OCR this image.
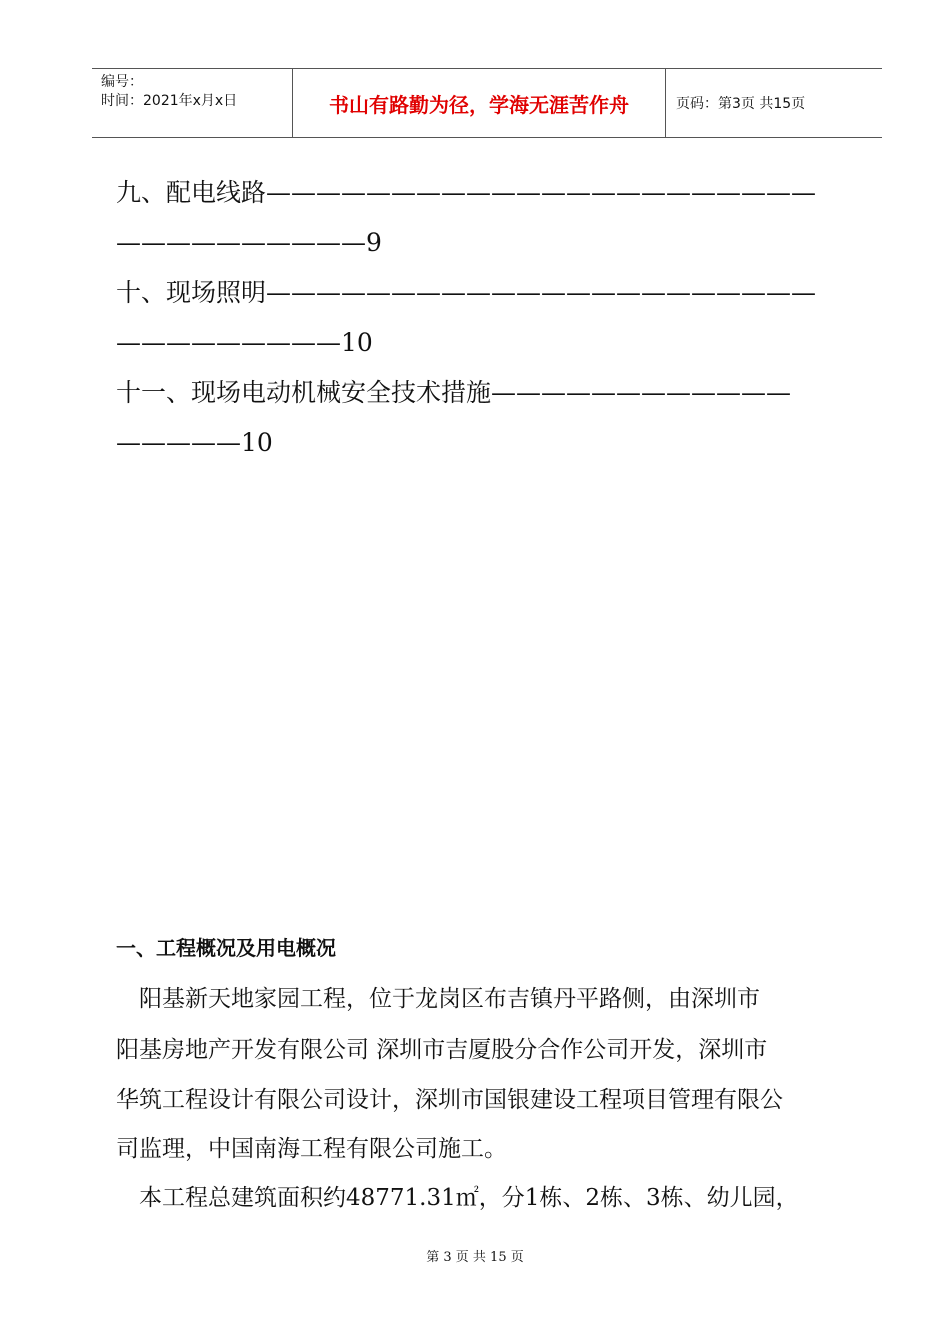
编号：
时间：2021年x月x日	书山有路勤为径，学海无涯苦作舟	页码：第3页 共15页
九、配电线路——————————————————————
——————————9
十、现场照明——————————————————————
—————————10
十一、现场电动机械安全技术措施————————————
—————10
一、工程概况及用电概况
　阳基新天地家园工程，位于龙岗区布吉镇丹平路侧，由深圳市
阳基房地产开发有限公司 深圳市吉厦股分合作公司开发，深圳市
华筑工程设计有限公司设计，深圳市国银建设工程项目管理有限公
司监理，中国南海工程有限公司施工。
　本工程总建筑面积约48771.31㎡，分1栋、2栋、3栋、幼儿园，
第 3 页 共 15 页
